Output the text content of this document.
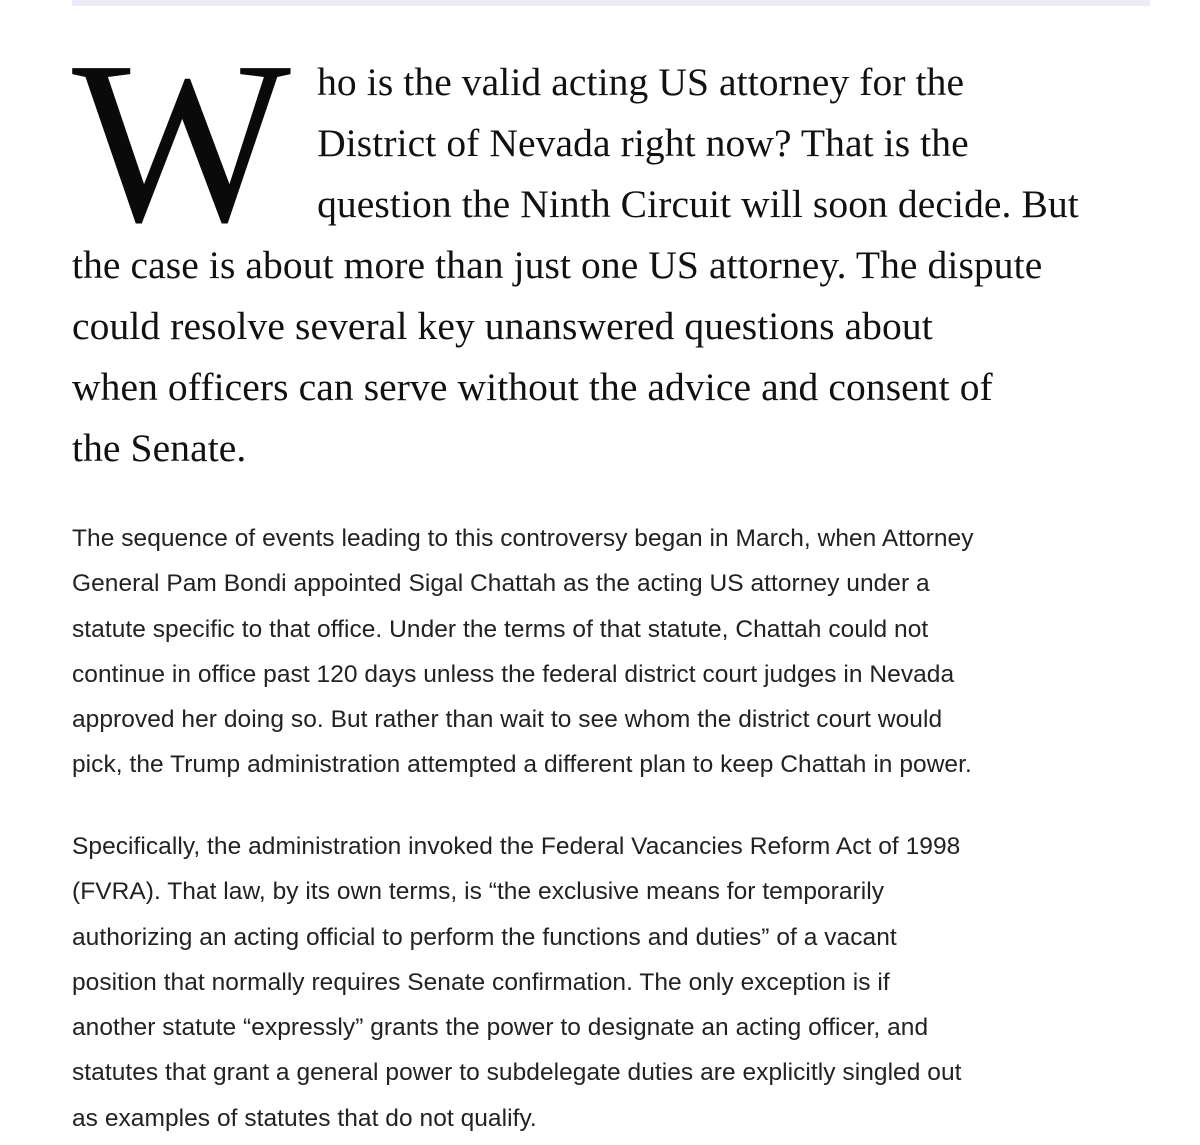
W ho is the valid acting US attorney for the
District of Nevada right now? That is the
question the Ninth Circuit will soon decide. But
the case is about more than just one US attorney. The dispute
could resolve several key unanswered questions about
when officers can serve without the advice and consent of
the Senate.

The sequence of events leading to this controversy began in March, when Attorney
General Pam Bondi appointed Sigal Chattah as the acting US attorney under a
statute specific to that office. Under the terms of that statute, Chattah could not
continue in office past 120 days unless the federal district court judges in Nevada
approved her doing so. But rather than wait to see whom the district court would
pick, the Trump administration attempted a different plan to keep Chattah in power.

Specifically, the administration invoked the Federal Vacancies Reform Act of 1998
(FVRA). That law, by its own terms, is “the exclusive means for temporarily
authorizing an acting official to perform the functions and duties” of a vacant
position that normally requires Senate confirmation. The only exception is if
another statute “expressly” grants the power to designate an acting officer, and
statutes that grant a general power to subdelegate duties are explicitly singled out
as examples of statutes that do not qualify.
